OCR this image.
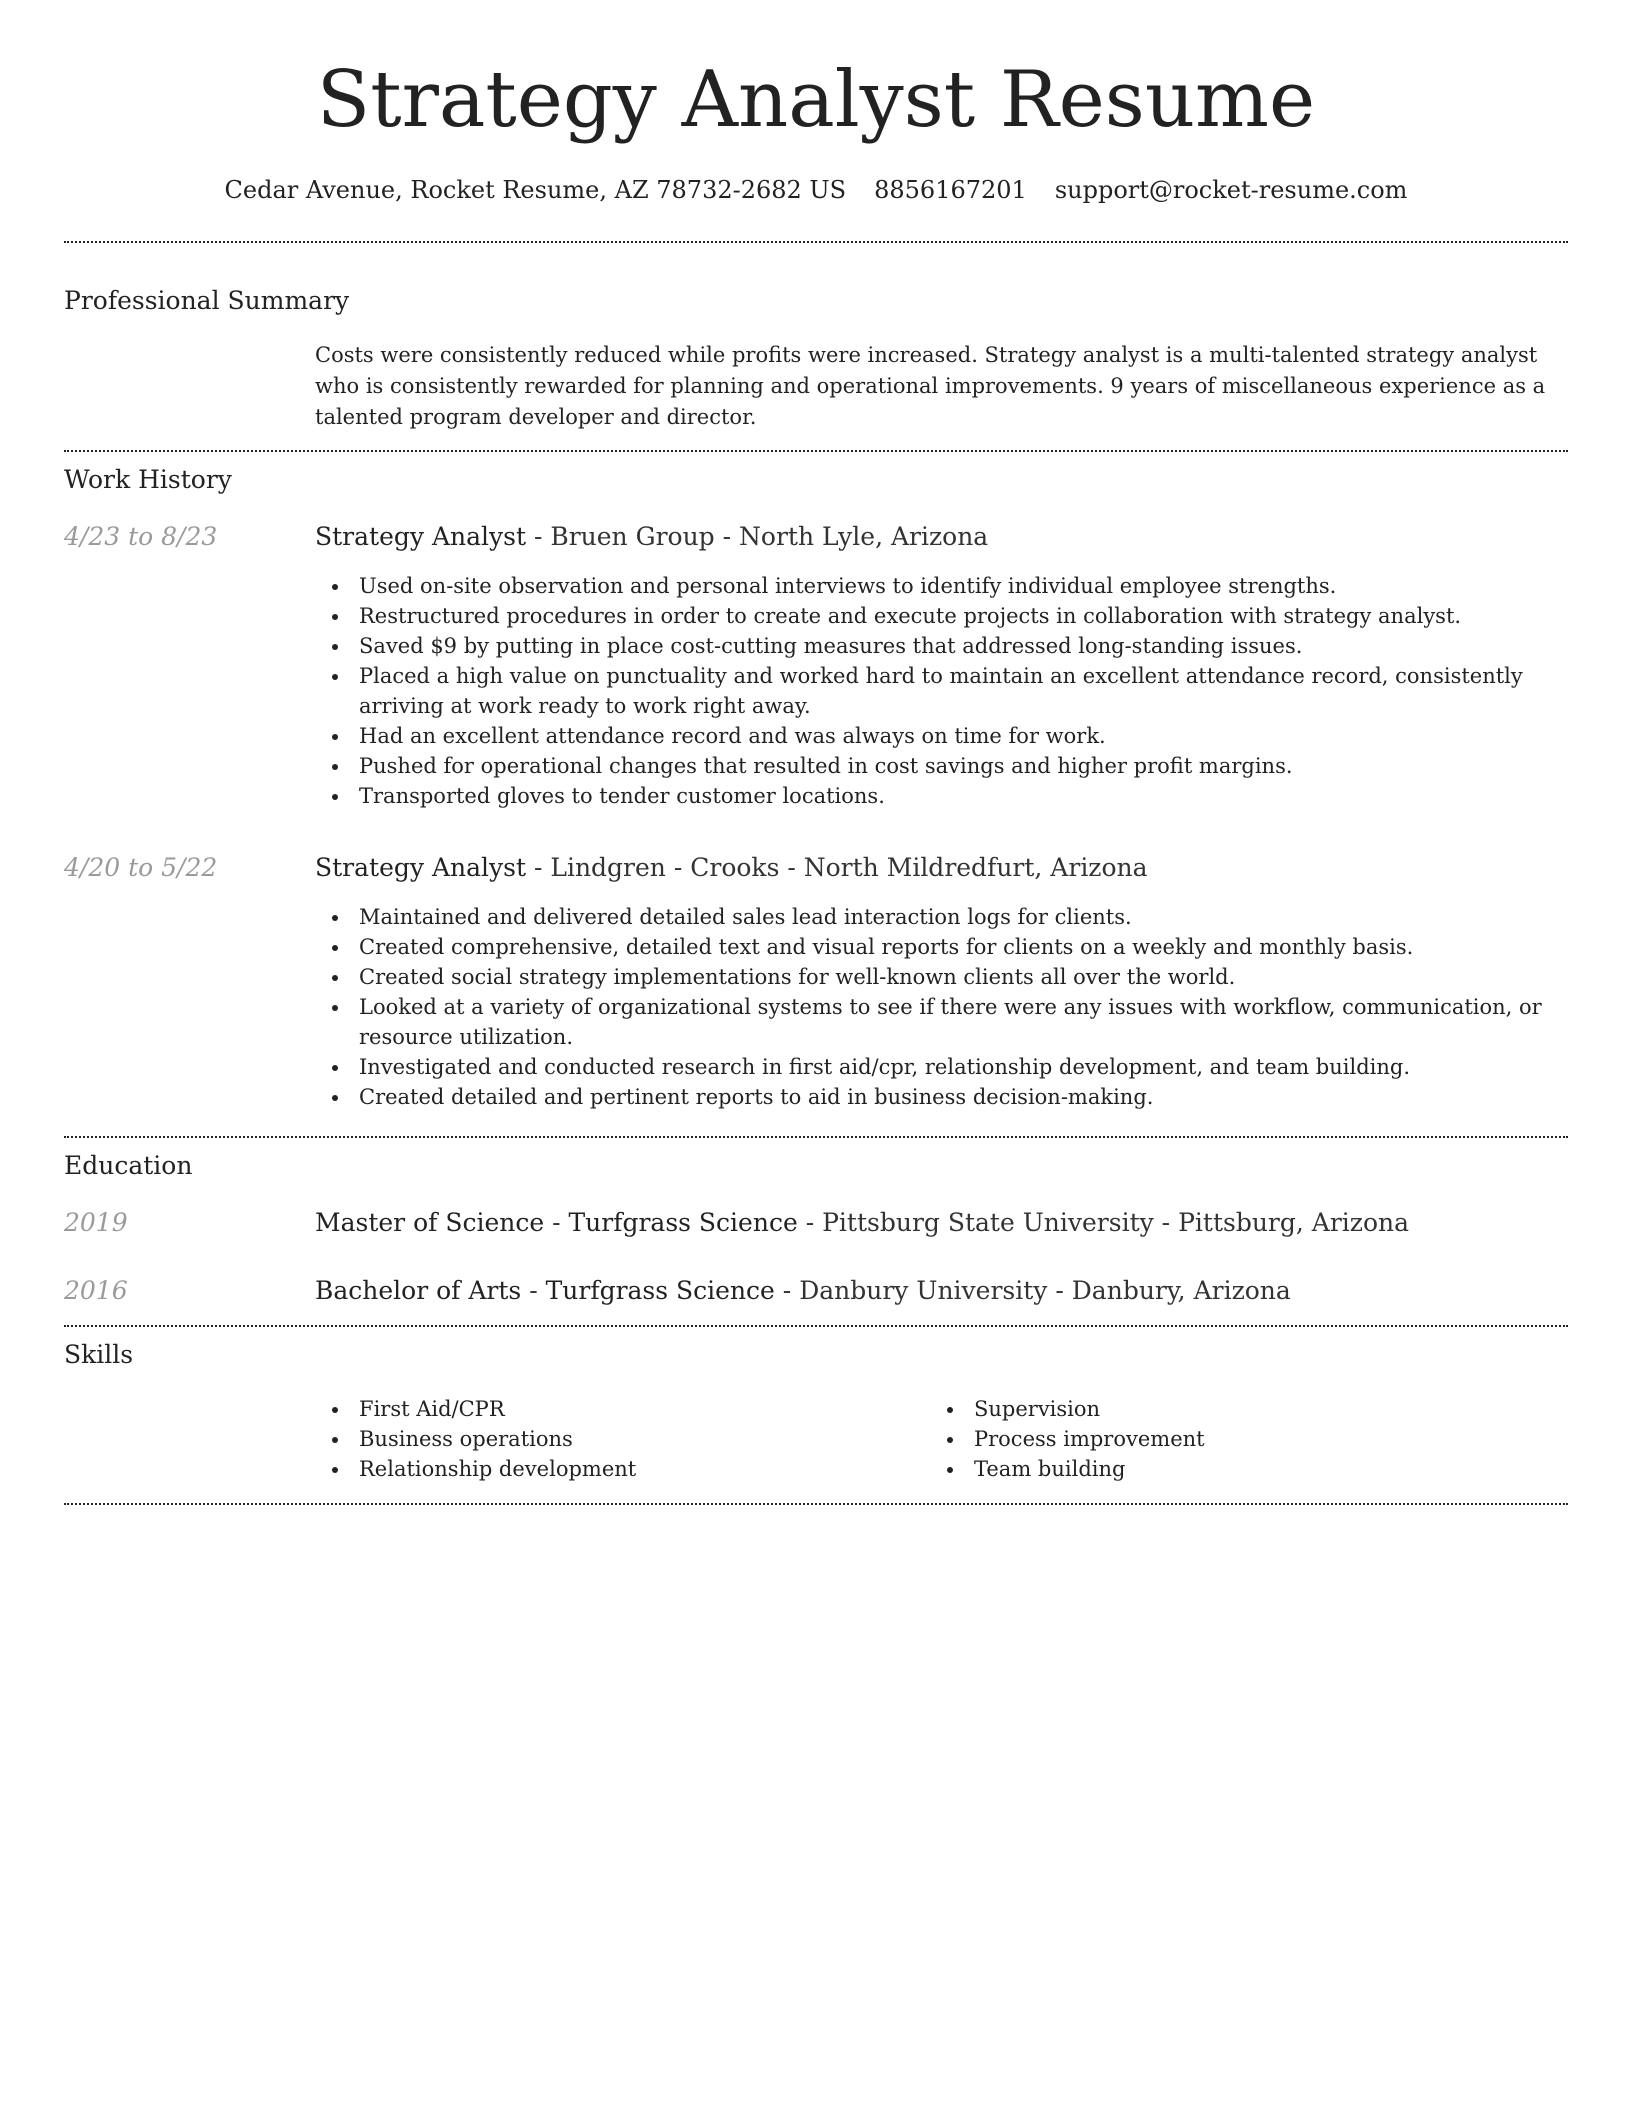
Strategy Analyst Resume
Cedar Avenue, Rocket Resume, AZ 78732-2682 US 8856167201 support@rocket-resume.com
Professional Summary
Costs were consistently reduced while profits were increased. Strategy analyst is a multi-talented strategy analyst who is consistently rewarded for planning and operational improvements. 9 years of miscellaneous experience as a talented program developer and director.
Work History
4/23 to 8/23	Strategy Analyst - Bruen Group - North Lyle, Arizona
Used on-site observation and personal interviews to identify individual employee strengths.
Restructured procedures in order to create and execute projects in collaboration with strategy analyst.
Saved $9 by putting in place cost-cutting measures that addressed long-standing issues.
Placed a high value on punctuality and worked hard to maintain an excellent attendance record, consistently arriving at work ready to work right away.
Had an excellent attendance record and was always on time for work.
Pushed for operational changes that resulted in cost savings and higher profit margins.
Transported gloves to tender customer locations.
4/20 to 5/22	Strategy Analyst - Lindgren - Crooks - North Mildredfurt, Arizona
Maintained and delivered detailed sales lead interaction logs for clients.
Created comprehensive, detailed text and visual reports for clients on a weekly and monthly basis.
Created social strategy implementations for well-known clients all over the world.
Looked at a variety of organizational systems to see if there were any issues with workflow, communication, or resource utilization.
Investigated and conducted research in first aid/cpr, relationship development, and team building.
Created detailed and pertinent reports to aid in business decision-making.
Education
2019	Master of Science - Turfgrass Science - Pittsburg State University - Pittsburg, Arizona
2016	Bachelor of Arts - Turfgrass Science - Danbury University - Danbury, Arizona
Skills
First Aid/CPR
Business operations
Relationship development
Supervision
Process improvement
Team building
